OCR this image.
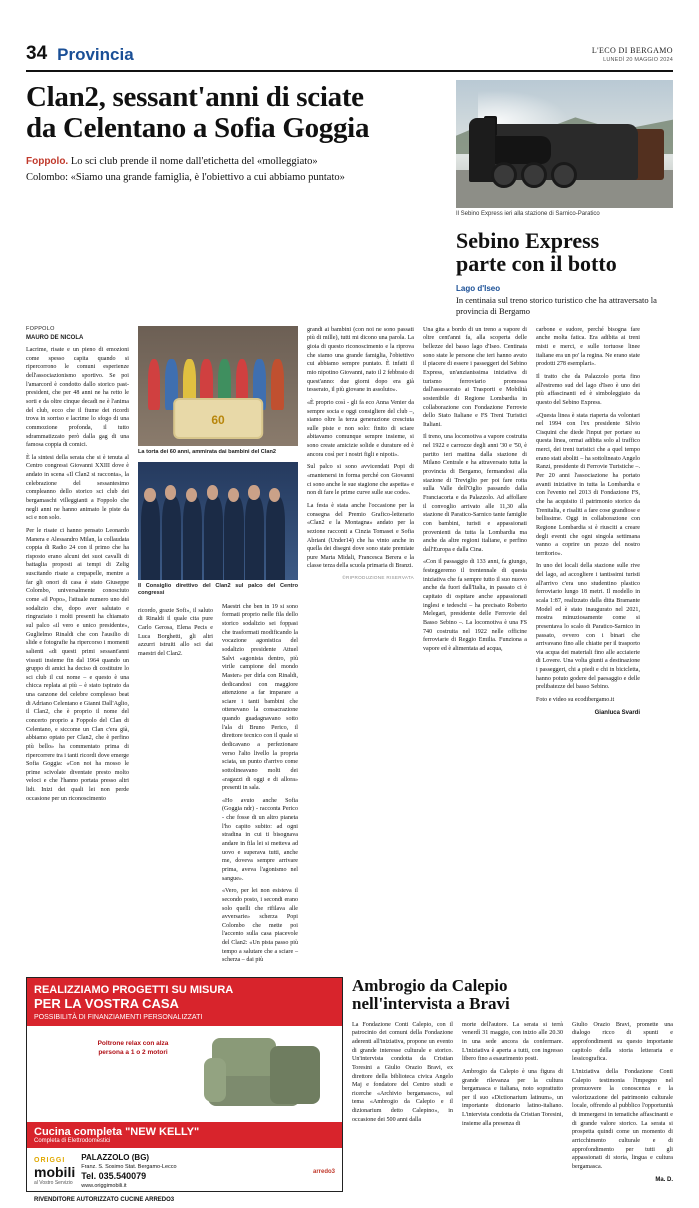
34 Provincia	L'ECO DI BERGAMO
LUNEDÌ 20 MAGGIO 2024
Clan2, sessant'anni di sciate
da Celentano a Sofia Goggia
Foppolo. Lo sci club prende il nome dall'etichetta del «molleggiato»
Colombo: «Siamo una grande famiglia, è l'obiettivo a cui abbiamo puntato»
Il Sebino Express ieri alla stazione di Sarnico-Paratico
Sebino Express
parte con il botto
Lago d'Iseo
In centinaia sul treno storico turistico che ha attraversato la provincia di Bergamo
FOPPOLO
MAURO DE NICOLA

Lacrime, risate e un pieno di emozioni come spesso capita quando si ripercorrono le comuni esperienze dell'associazionismo sportivo. Se poi l'amarcord è condotto dallo storico past-president, che per 48 anni ne ha retto le sorti e da oltre cinque decadi ne è l'anima del club, ecco che il fiume dei ricordi trova in sorriso e lacrime lo sfogo di una commozione profonda, il tutto sdrammatizzato però dalla gag di una famosa coppia di comici.

È la sintesi della serata che si è tenuta al Centro congressi Giovanni XXIII dove è andato in scena «Il Clan2 si racconta», la celebrazione del sessantesimo compleanno dello storico sci club dei bergamaschi villeggianti a Foppolo che negli anni ne hanno animato le piste da sci e non solo.

Per le risate ci hanno pensato Leonardo Manera e Alessandro Milan, la collaudata coppia di Radio 24 con il primo che ha risposto erano alcuni dei suoi cavalli di battaglia proposti ai tempi di Zelig suscitando risate a crepapelle, mentre a far gli onori di casa è stato Giuseppe Colombo, universalmente conosciuto come «il Popo», l'attuale numero uno del sodalizio che, dopo aver salutato e ringraziato i molti presenti ha chiamato sul palco «il vero e unico presidente», Guglielmo Rinaldi che con l'ausilio di slide e fotografie ha ripercorso i momenti salienti «di questi primi sessant'anni vissuti insieme fin dal 1964 quando un gruppo di amici ha deciso di costituire lo sci club il cui nome – e questo è una chicca replata ai più – è stato ispirato da una canzone del celebre complesso beat di Adriano Celentano e Gianni Dall'Aglio, il Clan2, che è proprio il nome del concerto proprio a Foppolo del Clan di Celentano, e siccome un Clan c'era già, abbiamo optato per Clan2, che è perfino più bello» ha commentato prima di ripercorrere tra i tanti ricordi dove emerge Sofia Goggia: «Con noi ha mosso le prime scivolate diventate presto molto veloci e che l'hanno portata presso altri lidi. Inizi dei quali lei non perde occasione per un riconoscimento

60
La torta dei 60 anni, ammirata dai bambini del Clan2
Il Consiglio direttivo del Clan2 sul palco del Centro congressi

ricordo, grazie Sofi», il saluto di Rinaldi il quale cita pure Carlo Gerosa, Elena Pecis e Luca Borghetti, gli altri azzurri istruiti allo sci dai maestri del Clan2.

Maestri che ben in 19 si sono formati proprio nelle fila dello storico sodalizio sei foppasi che trasformati modificando la vocazione agonistica del sodalizio presidente Attuel Salvi «agonista dentro, più virile campione del mondo Master» per dirla con Rinaldi, dedicandosi con maggiore attenzione a far imparare a sciare i tanti bambini che ottenevano la consacrazione quando guadagnavano sotto l'ala di Bruno Perico, il direttore tecnico con il quale si dedicavano a perfezionare verso l'alto livello la propria sciata, un punto d'arrivo come sottolineavano molti dei «ragazzi di oggi e di allora» presenti in sala.

«Ho avuto anche Sofia (Goggia ndr) - racconta Perico - che fosse di un altro pianeta l'ho capito subito: ad ogni stradina in cui ti bisognava andare in fila lei si metteva ad uovo e superava tutti, anche me, doveva sempre arrivare prima, aveva l'agonismo nel sangue».

«Vero, per lei non esisteva il secondo posto, i secondi erano solo quelli che rifilava alle avversarie» scherza Popi Colombo che mette poi l'accento sulla casa piacevole del Clan2: «Un pista passo più tempo a salutare che a sciare – scherza – dai più

grandi ai bambini (con noi ne sono passati più di mille), tutti mi dicono una parola. La gioia di questo riconoscimento e la riprova che siamo una grande famiglia, l'obiettivo cui abbiamo sempre puntato. È infatti il mio nipotino Giovanni, nato il 2 febbraio di quest'anno: due giorni dopo era già tesserato, il più giovane in assoluto».

«È proprio così - gli fa eco Anna Venier da sempre socia e oggi consigliere del club –, siamo oltre la terza generazione cresciuta sulle piste e non solo: finito di sciare abitavamo comunque sempre insieme, si sono create amicizie solide e durature ed è ancora così per i nostri figli e nipoti».

Sul palco si sono avvicendati Popi di «mantenersi in forma perché con Giovanni ci sono anche le sue stagione che aspetta» e non di fare le prime curve sulle sue code».

La festa è stata anche l'occasione per la consegna del Premio Grafico-letterario «Clan2 e la Montagna» andato per la sezione racconti a Cinzia Tomasei e Sofia Abriani (Under14) che ha vinto anche in quella dei disegni dove sono state premiate pure Marta Midali, Francesca Berera e la classe terza della scuola primaria di Branzi.

©RIPRODUZIONE RISERVATA

Una gita a bordo di un treno a vapore di oltre cent'anni fa, alla scoperta delle bellezze del basso lago d'Iseo. Centinaia sono state le persone che ieri hanno avuto il piacere di essere i passeggeri del Sebino Express, un'anzianissima iniziativa di turismo ferroviario promossa dall'assessorato ai Trasporti e Mobilità sostenibile di Regione Lombardia in collaborazione con Fondazione Ferrovie dello Stato Italiane e FS Treni Turistici Italiani.

Il treno, una locomotiva a vapore costruita nel 1922 e carrozze degli anni '30 e '50, è partito ieri mattina dalla stazione di Milano Centrale e ha attraversato tutta la provincia di Bergamo, fermandosi alla stazione di Treviglio per poi fare rotta sulla Valle dell'Oglio passando dalla Franciacorta e da Palazzolo. Ad affollare il convoglio arrivato alle 11,30 alla stazione di Paratico-Sarnico tante famiglie con bambini, turisti e appassionati provenienti da tutta la Lombardia ma anche da altre regioni italiane, e perfino dall'Europa e dalla Cina.

«Con il passaggio di 133 anni, fa giungo, festeggeremo il trentennale di questa iniziativa che fa sempre tutto il suo nuovo anche da fuori dall'Italia, in passato ci è capitato di ospitare anche appassionati inglesi e tedeschi – ha precisato Roberto Melegari, presidente delle Ferrovie del Basso Sebino –. La locomotiva è una FS 740 costruita nel 1922 nelle officine ferroviarie di Reggio Emilia. Funziona a vapore ed è alimentata ad acqua,

carbone e sudore, perché bisogna fare anche molta fatica. Era adibita ai treni misti e merci, e sulle tortuose linee italiane era un po' la regina. Ne erano state prodotti 278 esemplari».

Il tratto che da Palazzolo porta fino all'estremo sud del lago d'Iseo è uno dei più affascinanti ed è simboleggiato da questo del Sebino Express.

«Questa linea è stata riaperta da volontari nel 1994 con l'ex presidente Silvio Cisquini che diede l'input per portare su questa linea, ormai adibita solo al traffico merci, dei treni turistici che a quel tempo erano stati aboliti – ha sottolineato Angelo Ranzi, presidente di Ferrovie Turistiche –. Per 20 anni l'associazione ha portato avanti iniziative in tutta la Lombardia e con l'evento nel 2013 di Fondazione FS, che ha acquisito il patrimonio storico da Trenitalia, e risaliti a fare cose grandiose e bellissime. Oggi in collaborazione con Regione Lombardia si è riusciti a creare degli eventi che ogni singola settimana vanno a coprire un pezzo del nostro territorio».

In uno dei locali della stazione sulle rive del lago, ad accogliere i tantissimi turisti all'arrivo c'era uno studentino plastico ferroviario lungo 18 metri. Il modello in scala 1:87, realizzato dalla ditta Bramante Model ed è stato inaugurato nel 2021, mostra minuziosamente come si presentava lo scalo di Paratico-Sarnico in passato, ovvero con i binari che arrivavano fino alle chiatte per il trasporto via acqua dei materiali fino alle acciaierie di Lovere. Una volta giunti a destinazione i passeggeri, chi a piedi e chi in bicicletta, hanno potuto godere del paesaggio e delle prelibatezze del basso Sebino.

Foto e video su ecodibergamo.it

Gianluca Svardi
REALIZZIAMO PROGETTI SU MISURA
PER LA VOSTRA CASA
POSSIBILITÀ DI FINANZIAMENTI PERSONALIZZATI
Poltrone relax con alza persona a 1 o 2 motori
Cucina completa "NEW KELLY"
Completa di Elettrodomestici
ORIGGI
mobili
al Vostro Servizio
PALAZZOLO (BG)
Franz. S. Sosimo Stat. Bergamo-Lecco
Tel. 035.540079
www.origgimobili.it
arredo3
RIVENDITORE AUTORIZZATO CUCINE ARREDO3
Ambrogio da Calepio
nell'intervista a Bravi

La Fondazione Conti Calepio, con il patrocinio dei comuni della Fondazione aderenti all'iniziativa, propone un evento di grande interesse culturale e storico. Un'intervista condotta da Cristian Toresini a Giulio Orazio Bravi, ex direttore della biblioteca civica Angelo Maj e fondatore del Centro studi e ricerche «Archivio bergamasco», sul tema «Ambrogio da Calepio e il dizionarium detto Calepino», in occasione dei 500 anni dalla

morte dell'autore. La serata si terrà venerdì 31 maggio, con inizio alle 20.30 in una sede ancora da confermare. L'iniziativa è aperta a tutti, con ingresso libero fino a esaurimento posti.

Ambrogio da Calepio è una figura di grande rilevanza per la cultura bergamasca e italiana, noto soprattutto per il suo «Dictionarium latinum», un importante dizionario latino-italiano. L'intervista condotta da Cristian Toresini, insieme alla presenza di

Giulio Orazio Bravi, promette una dialogo ricco di spunti e approfondimenti su questo importante capitolo della storia letteraria e lessicografica.

L'iniziativa della Fondazione Conti Calepio testimonia l'impegno nel promuovere la conoscenza e la valorizzazione del patrimonio culturale locale, offrendo al pubblico l'opportunità di immergersi in tematiche affascinanti e di grande valore storico. La serata si prospetta quindi come un momento di arricchimento culturale e di approfondimento per tutti gli appassionati di storia, lingua e cultura bergamasca.

Ma. D.
